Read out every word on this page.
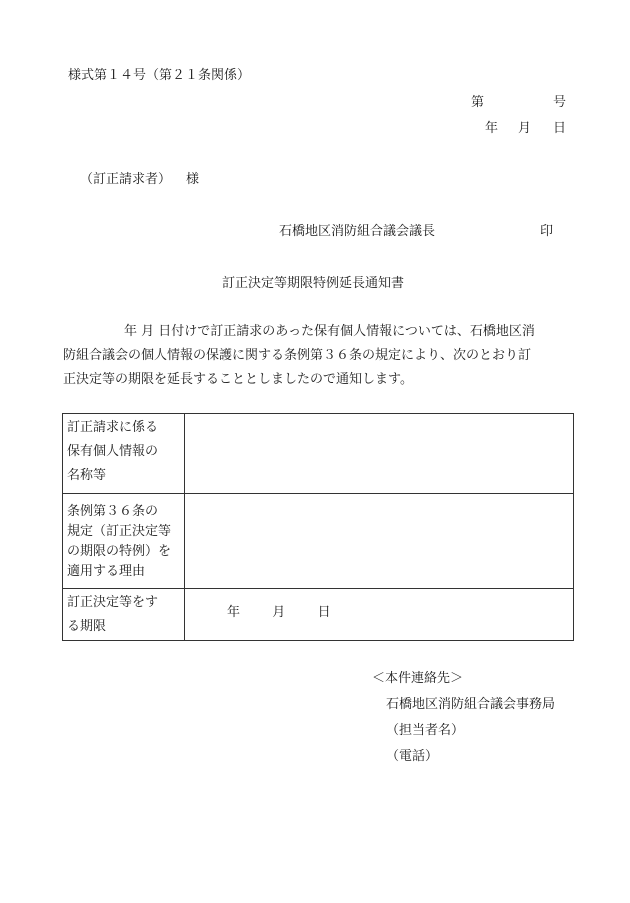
様式第１４号（第２１条関係）
第	号
年 月 日
（訂正請求者） 様
石橋地区消防組合議会議長	印
訂正決定等期限特例延長通知書
年 月 日付けで訂正請求のあった保有個人情報については、石橋地区消
防組合議会の個人情報の保護に関する条例第３６条の規定により、次のとおり訂
正決定等の期限を延長することとしましたので通知します。
訂正請求に係る
保有個人情報の
名称等	

条例第３６条の
規定（訂正決定等
の期限の特例）を
適用する理由	

訂正決定等をす
る期限	年 月 日
＜本件連絡先＞
石橋地区消防組合議会事務局
（担当者名）
（電話）
